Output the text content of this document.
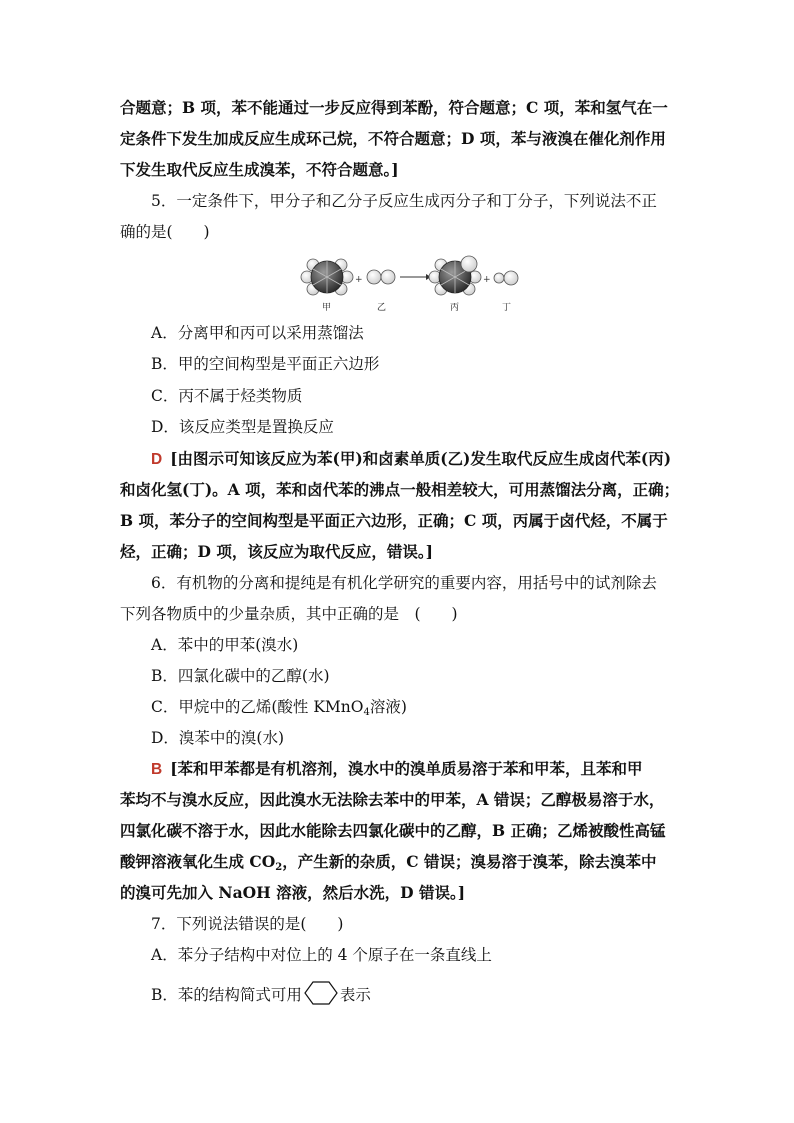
合题意；B 项，苯不能通过一步反应得到苯酚，符合题意；C 项，苯和氢气在一
定条件下发生加成反应生成环己烷，不符合题意；D 项，苯与液溴在催化剂作用
下发生取代反应生成溴苯，不符合题意。]
5．一定条件下，甲分子和乙分子反应生成丙分子和丁分子，下列说法不正
确的是(　　)
+	+
甲	乙	丙	丁
A．分离甲和丙可以采用蒸馏法
B．甲的空间构型是平面正六边形
C．丙不属于烃类物质
D．该反应类型是置换反应
D [由图示可知该反应为苯(甲)和卤素单质(乙)发生取代反应生成卤代苯(丙)
和卤化氢(丁)。A 项，苯和卤代苯的沸点一般相差较大，可用蒸馏法分离，正确；
B 项，苯分子的空间构型是平面正六边形，正确；C 项，丙属于卤代烃，不属于
烃，正确；D 项，该反应为取代反应，错误。]
6．有机物的分离和提纯是有机化学研究的重要内容，用括号中的试剂除去
下列各物质中的少量杂质，其中正确的是　(　　)
A．苯中的甲苯(溴水)
B．四氯化碳中的乙醇(水)
C．甲烷中的乙烯(酸性 KMnO$_4$溶液)
D．溴苯中的溴(水)
B [苯和甲苯都是有机溶剂，溴水中的溴单质易溶于苯和甲苯，且苯和甲
苯均不与溴水反应，因此溴水无法除去苯中的甲苯，A 错误；乙醇极易溶于水，
四氯化碳不溶于水，因此水能除去四氯化碳中的乙醇，B 正确；乙烯被酸性高锰
酸钾溶液氧化生成 $CO_2$，产生新的杂质，C 错误；溴易溶于溴苯，除去溴苯中
的溴可先加入 NaOH 溶液，然后水洗，D 错误。]
7．下列说法错误的是(　　)
A．苯分子结构中对位上的 4 个原子在一条直线上
B．苯的结构简式可用 表示
